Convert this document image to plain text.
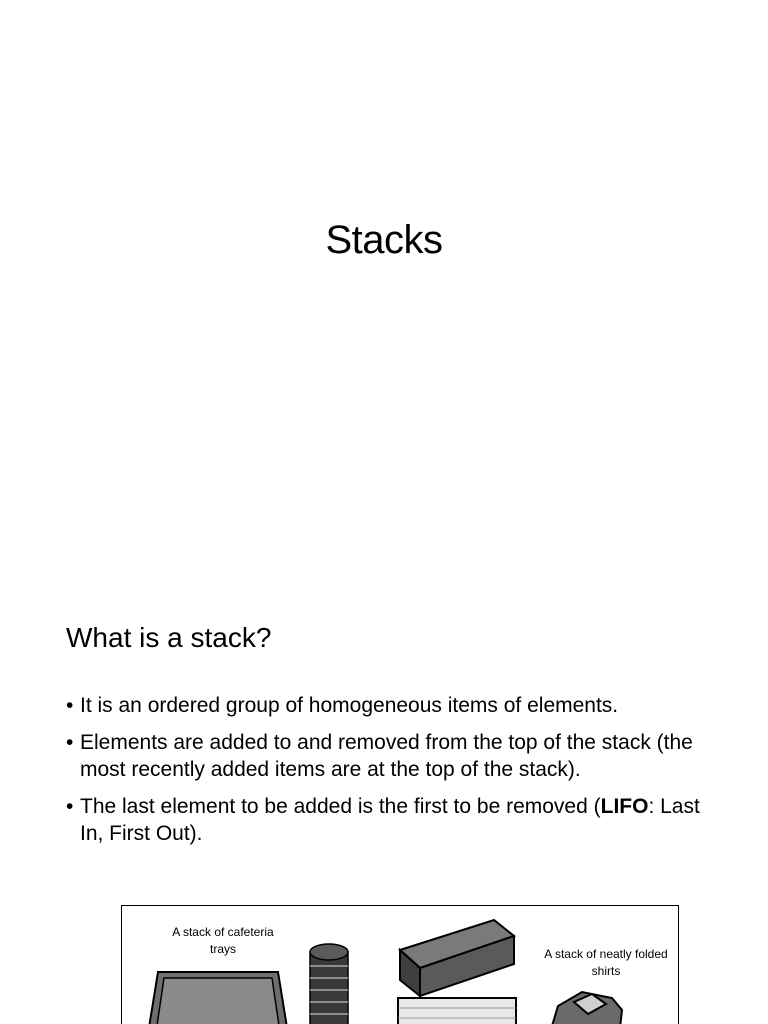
Stacks
What is a stack?
• It is an ordered group of homogeneous items of elements.
• Elements are added to and removed from the top of the stack (the most recently added items are at the top of the stack).
• The last element to be added is the first to be removed (LIFO: Last In, First Out).
A stack of cafeteria trays	A stack of neatly folded shirts
